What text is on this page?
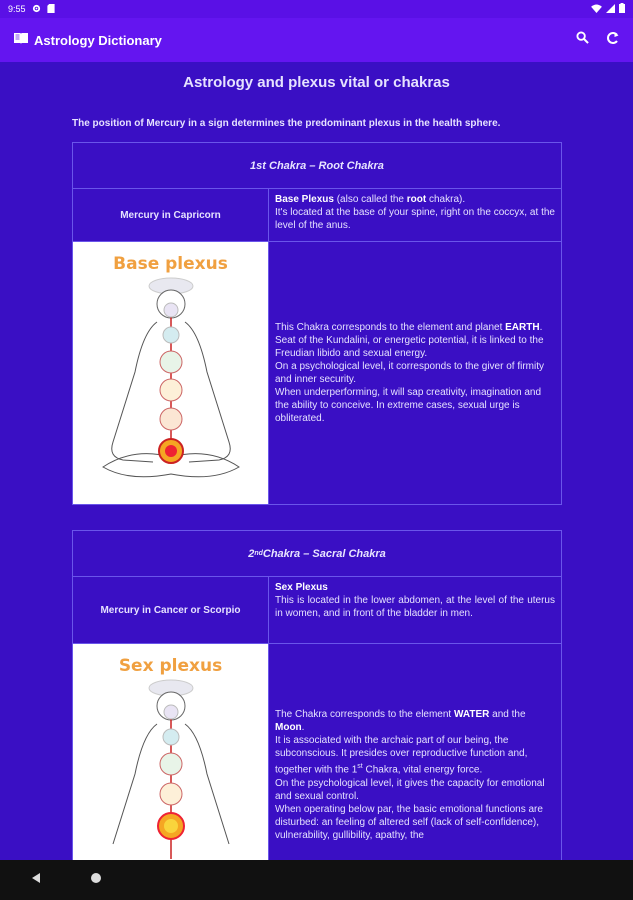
9:55
Astrology Dictionary
Astrology and plexus vital or chakras
The position of Mercury in a sign determines the predominant plexus in the health sphere.
1st Chakra – Root Chakra
Mercury in Capricorn
Base Plexus (also called the root chakra).
It's located at the base of your spine, right on the coccyx, at the level of the anus.
Base plexus
This Chakra corresponds to the element and planet EARTH.
Seat of the Kundalini, or energetic potential, it is linked to the Freudian libido and sexual energy.
On a psychological level, it corresponds to the giver of firmity and inner security.
When underperforming, it will sap creativity, imagination and the ability to conceive. In extreme cases, sexual urge is obliterated.
2 nd Chakra – Sacral Chakra
Mercury in Cancer or Scorpio
Sex Plexus
This is located in the lower abdomen, at the level of the uterus in women, and in front of the bladder in men.
Sex plexus
The Chakra corresponds to the element WATER and the Moon.
It is associated with the archaic part of our being, the subconscious. It presides over reproductive function and, together with the 1st Chakra, vital energy force.
On the psychological level, it gives the capacity for emotional and sexual control.
When operating below par, the basic emotional functions are disturbed: an feeling of altered self (lack of self-confidence), vulnerability, gullibility, apathy, the
